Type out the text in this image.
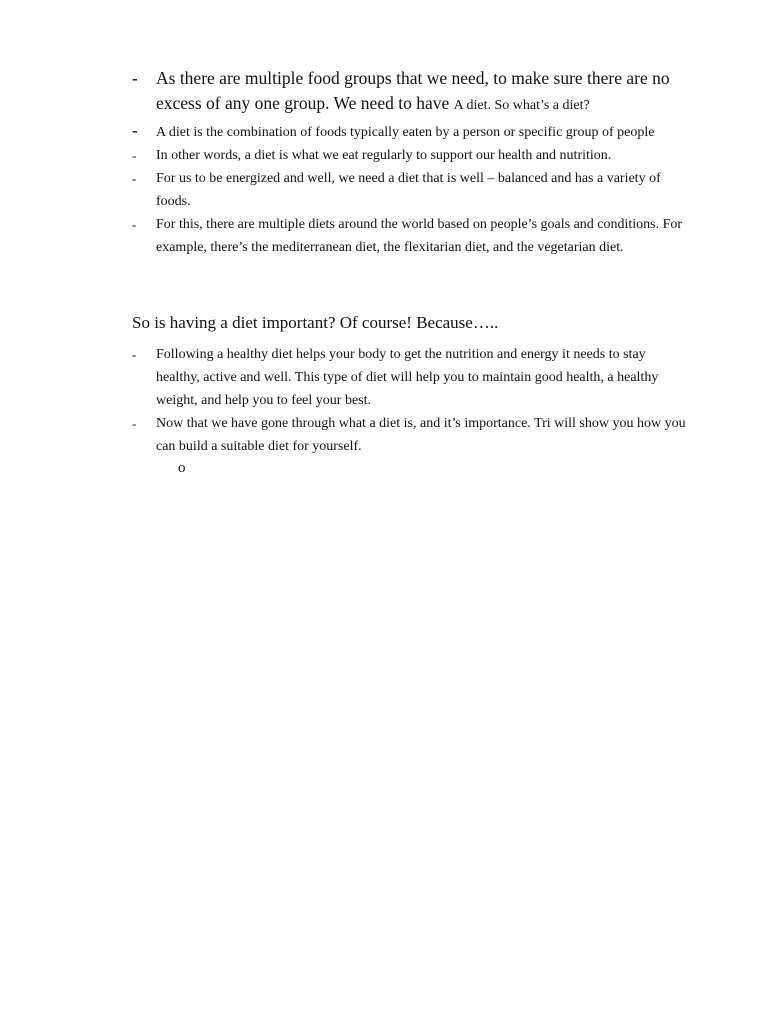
- As there are multiple food groups that we need, to make sure there are no excess of any one group. We need to have A diet. So what’s a diet?
- A diet is the combination of foods typically eaten by a person or specific group of people
- In other words, a diet is what we eat regularly to support our health and nutrition.
- For us to be energized and well, we need a diet that is well – balanced and has a variety of foods.
- For this, there are multiple diets around the world based on people’s goals and conditions. For example, there’s the mediterranean diet, the flexitarian diet, and the vegetarian diet.
So is having a diet important? Of course! Because…..
- Following a healthy diet helps your body to get the nutrition and energy it needs to stay healthy, active and well. This type of diet will help you to maintain good health, a healthy weight, and help you to feel your best.
- Now that we have gone through what a diet is, and it’s importance. Tri will show you how you can build a suitable diet for yourself.
o
